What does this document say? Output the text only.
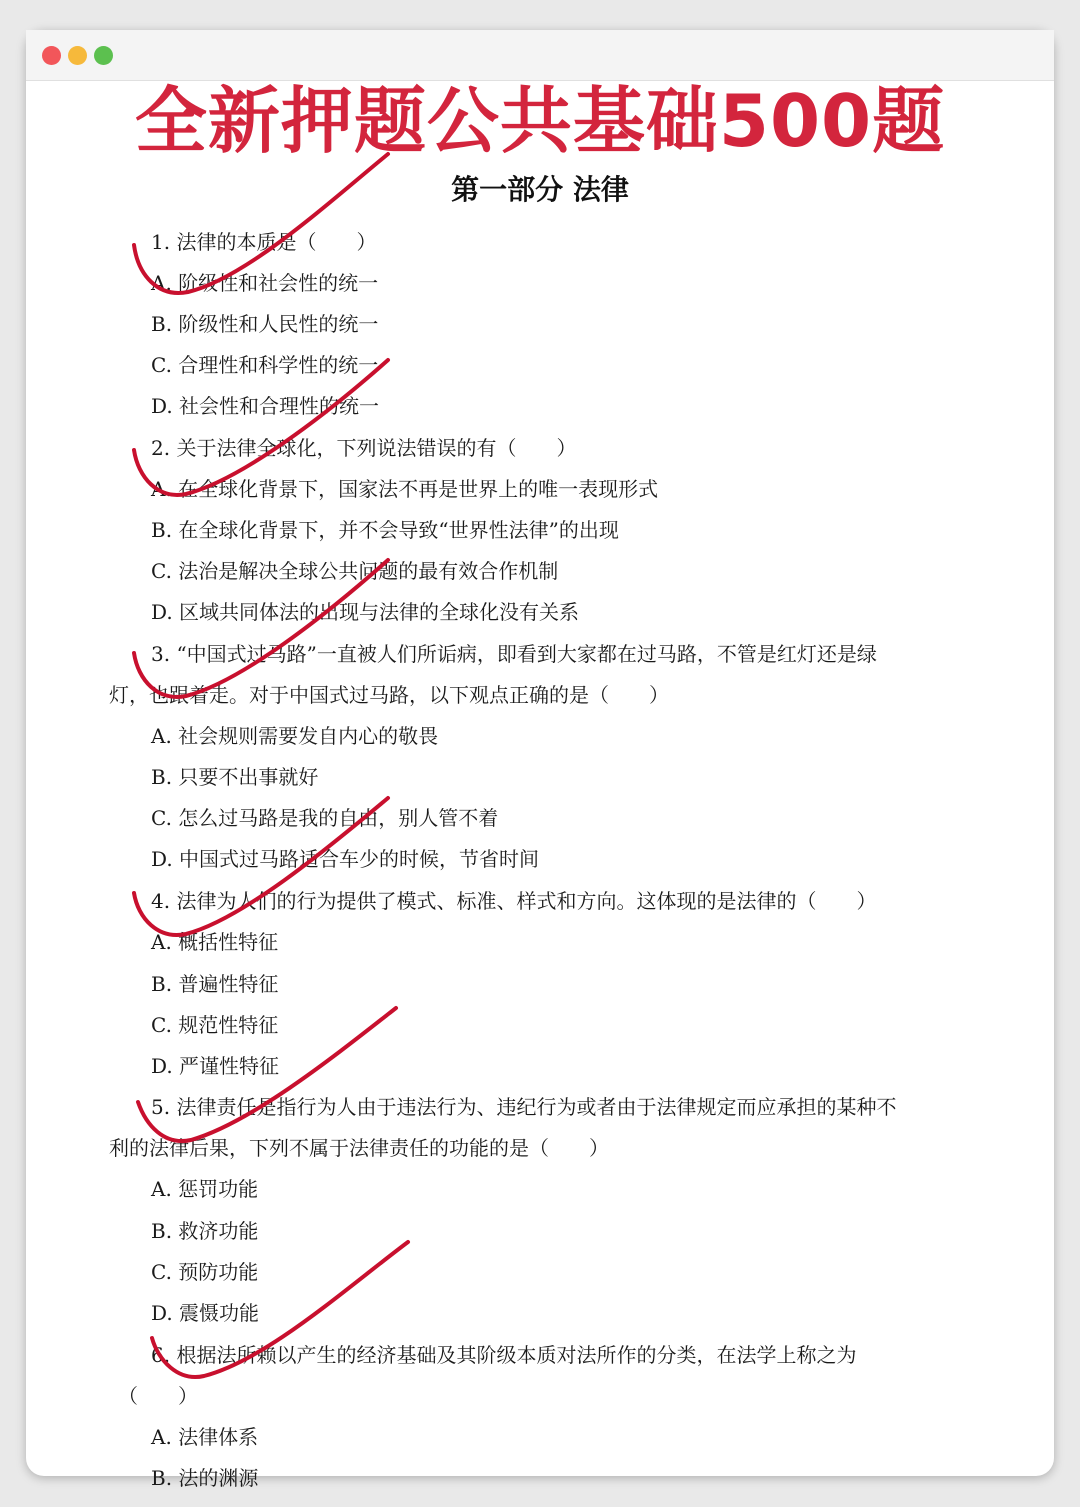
全新押题公共基础500题
第一部分 法律
1. 法律的本质是（　　）
A. 阶级性和社会性的统一
B. 阶级性和人民性的统一
C. 合理性和科学性的统一
D. 社会性和合理性的统一
2. 关于法律全球化，下列说法错误的有（　　）
A. 在全球化背景下，国家法不再是世界上的唯一表现形式
B. 在全球化背景下，并不会导致“世界性法律”的出现
C. 法治是解决全球公共问题的最有效合作机制
D. 区域共同体法的出现与法律的全球化没有关系
3. “中国式过马路”一直被人们所诟病，即看到大家都在过马路，不管是红灯还是绿
灯，也跟着走。对于中国式过马路，以下观点正确的是（　　）
A. 社会规则需要发自内心的敬畏
B. 只要不出事就好
C. 怎么过马路是我的自由，别人管不着
D. 中国式过马路适合车少的时候，节省时间
4. 法律为人们的行为提供了模式、标准、样式和方向。这体现的是法律的（　　）
A. 概括性特征
B. 普遍性特征
C. 规范性特征
D. 严谨性特征
5. 法律责任是指行为人由于违法行为、违纪行为或者由于法律规定而应承担的某种不
利的法律后果，下列不属于法律责任的功能的是（　　）
A. 惩罚功能
B. 救济功能
C. 预防功能
D. 震慑功能
6. 根据法所赖以产生的经济基础及其阶级本质对法所作的分类，在法学上称之为
（　　）
A. 法律体系
B. 法的渊源
